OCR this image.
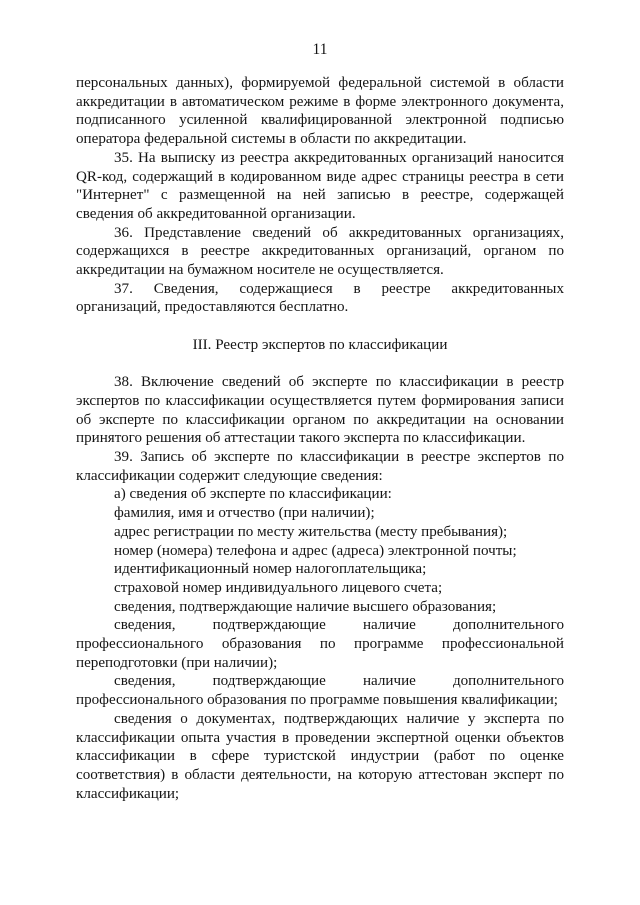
11

персональных данных), формируемой федеральной системой в области аккредитации в автоматическом режиме в форме электронного документа, подписанного усиленной квалифицированной электронной подписью оператора федеральной системы в области по аккредитации.

35. На выписку из реестра аккредитованных организаций наносится QR-код, содержащий в кодированном виде адрес страницы реестра в сети "Интернет" с размещенной на ней записью в реестре, содержащей сведения об аккредитованной организации.

36. Представление сведений об аккредитованных организациях, содержащихся в реестре аккредитованных организаций, органом по аккредитации на бумажном носителе не осуществляется.

37. Сведения, содержащиеся в реестре аккредитованных организаций, предоставляются бесплатно.

III. Реестр экспертов по классификации

38. Включение сведений об эксперте по классификации в реестр экспертов по классификации осуществляется путем формирования записи об эксперте по классификации органом по аккредитации на основании принятого решения об аттестации такого эксперта по классификации.

39. Запись об эксперте по классификации в реестре экспертов по классификации содержит следующие сведения:

а) сведения об эксперте по классификации:

фамилия, имя и отчество (при наличии);

адрес регистрации по месту жительства (месту пребывания);

номер (номера) телефона и адрес (адреса) электронной почты;

идентификационный номер налогоплательщика;

страховой номер индивидуального лицевого счета;

сведения, подтверждающие наличие высшего образования;

сведения, подтверждающие наличие дополнительного профессионального образования по программе профессиональной переподготовки (при наличии);

сведения, подтверждающие наличие дополнительного профессионального образования по программе повышения квалификации;

сведения о документах, подтверждающих наличие у эксперта по классификации опыта участия в проведении экспертной оценки объектов классификации в сфере туристской индустрии (работ по оценке соответствия) в области деятельности, на которую аттестован эксперт по классификации;
